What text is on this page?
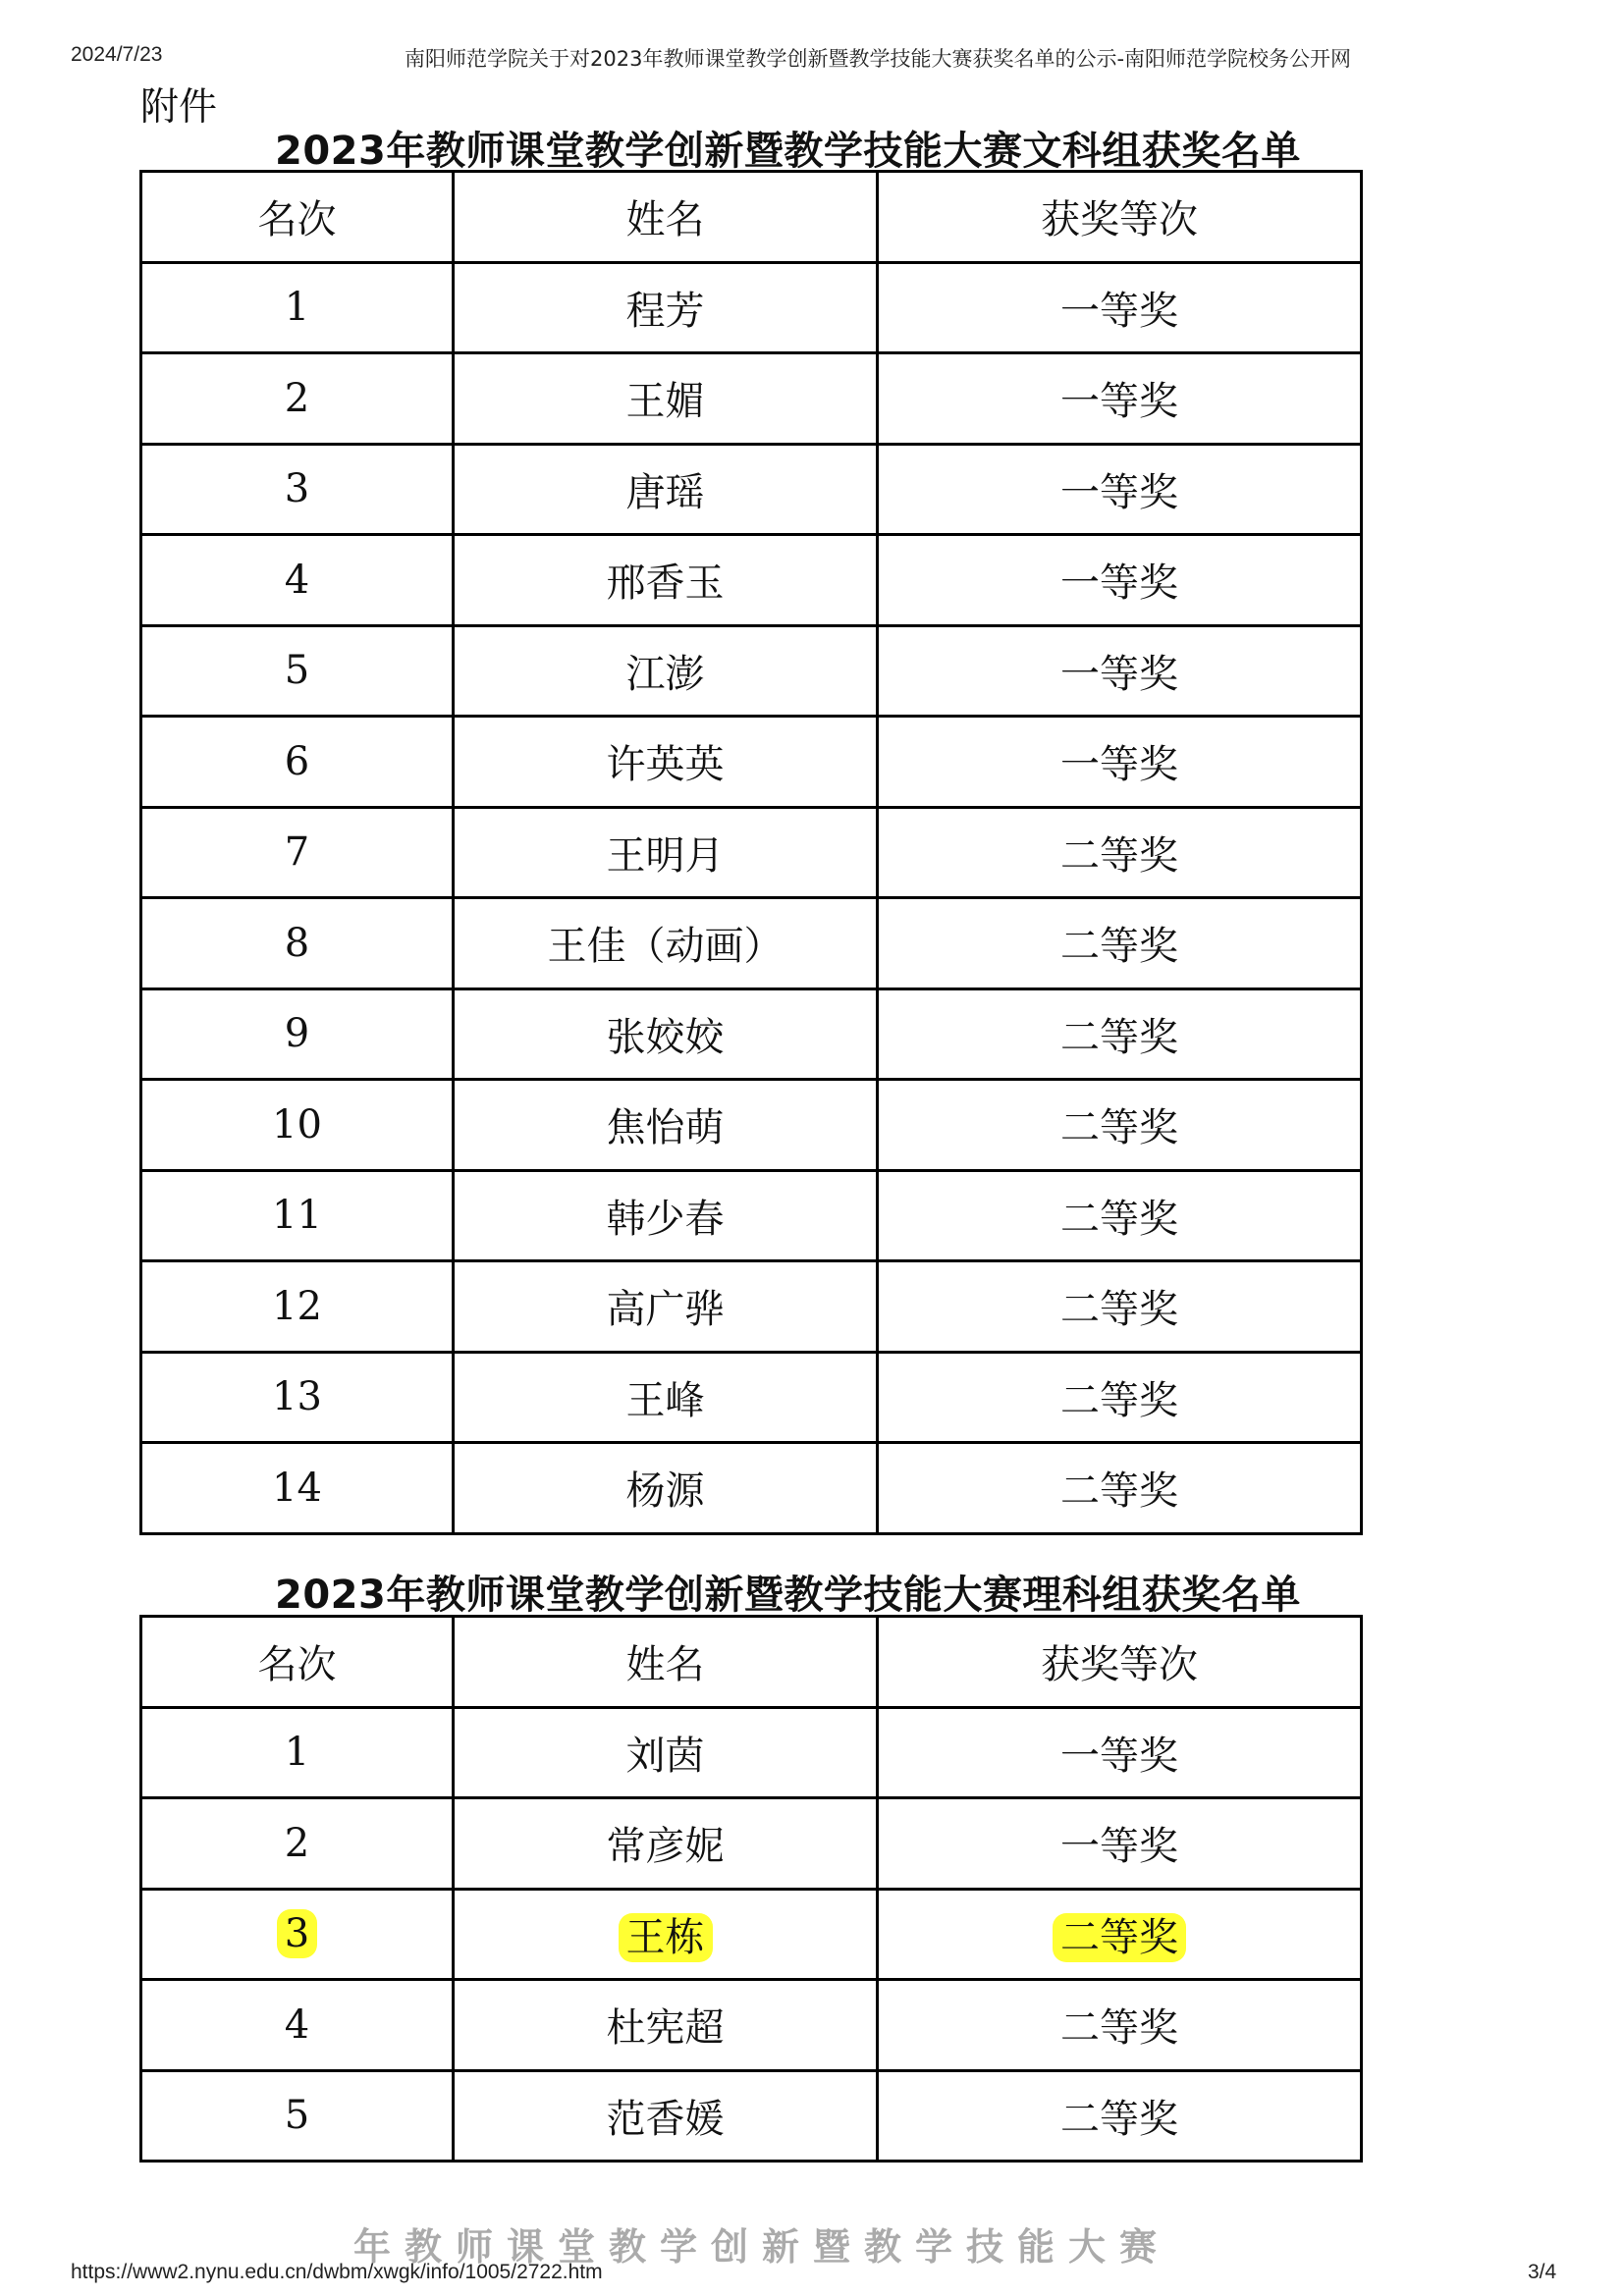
2024/7/23	南阳师范学院关于对2023年教师课堂教学创新暨教学技能大赛获奖名单的公示-南阳师范学院校务公开网
附件
2023年教师课堂教学创新暨教学技能大赛文科组获奖名单
名次	姓名	获奖等次
1	程芳	一等奖
2	王媚	一等奖
3	唐瑶	一等奖
4	邢香玉	一等奖
5	江澎	一等奖
6	许英英	一等奖
7	王明月	二等奖
8	王佳（动画）	二等奖
9	张姣姣	二等奖
10	焦怡萌	二等奖
11	韩少春	二等奖
12	高广骅	二等奖
13	王峰	二等奖
14	杨源	二等奖
2023年教师课堂教学创新暨教学技能大赛理科组获奖名单
名次	姓名	获奖等次
1	刘茵	一等奖
2	常彦妮	一等奖
3	王栋	二等奖
4	杜宪超	二等奖
5	范香媛	二等奖
年教师课堂教学创新暨教学技能大赛
https://www2.nynu.edu.cn/dwbm/xwgk/info/1005/2722.htm	3/4
